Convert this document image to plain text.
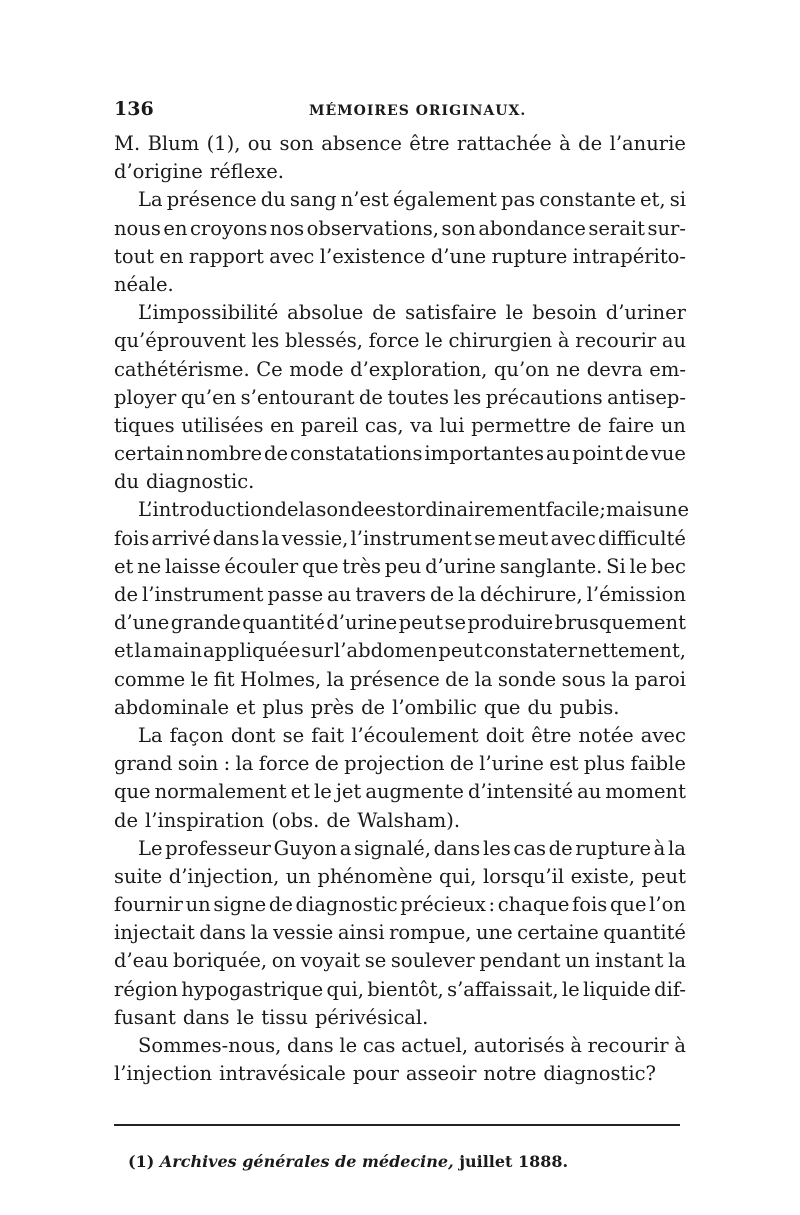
136	MÉMOIRES ORIGINAUX.
M. Blum (1), ou son absence être rattachée à de l’anurie
d’origine réflexe.
La présence du sang n’est également pas constante et, si
nous en croyons nos observations, son abondance serait sur-
tout en rapport avec l’existence d’une rupture intrapérito-
néale.
L’impossibilité absolue de satisfaire le besoin d’uriner
qu’éprouvent les blessés, force le chirurgien à recourir au
cathétérisme. Ce mode d’exploration, qu’on ne devra em-
ployer qu’en s’entourant de toutes les précautions antisep-
tiques utilisées en pareil cas, va lui permettre de faire un
certain nombre de constatations importantes au point de vue
du diagnostic.
L’introduction de la sonde est ordinairement facile ; mais une
fois arrivé dans la vessie, l’instrument se meut avec difficulté
et ne laisse écouler que très peu d’urine sanglante. Si le bec
de l’instrument passe au travers de la déchirure, l’émission
d’une grande quantité d’urine peut se produire brusquement
et la main appliquée sur l’abdomen peut constater nettement,
comme le fit Holmes, la présence de la sonde sous la paroi
abdominale et plus près de l’ombilic que du pubis.
La façon dont se fait l’écoulement doit être notée avec
grand soin : la force de projection de l’urine est plus faible
que normalement et le jet augmente d’intensité au moment
de l’inspiration (obs. de Walsham).
Le professeur Guyon a signalé, dans les cas de rupture à la
suite d’injection, un phénomène qui, lorsqu’il existe, peut
fournir un signe de diagnostic précieux : chaque fois que l’on
injectait dans la vessie ainsi rompue, une certaine quantité
d’eau boriquée, on voyait se soulever pendant un instant la
région hypogastrique qui, bientôt, s’affaissait, le liquide dif-
fusant dans le tissu périvésical.
Sommes-nous, dans le cas actuel, autorisés à recourir à
l’injection intravésicale pour asseoir notre diagnostic?
(1) Archives générales de médecine, juillet 1888.
